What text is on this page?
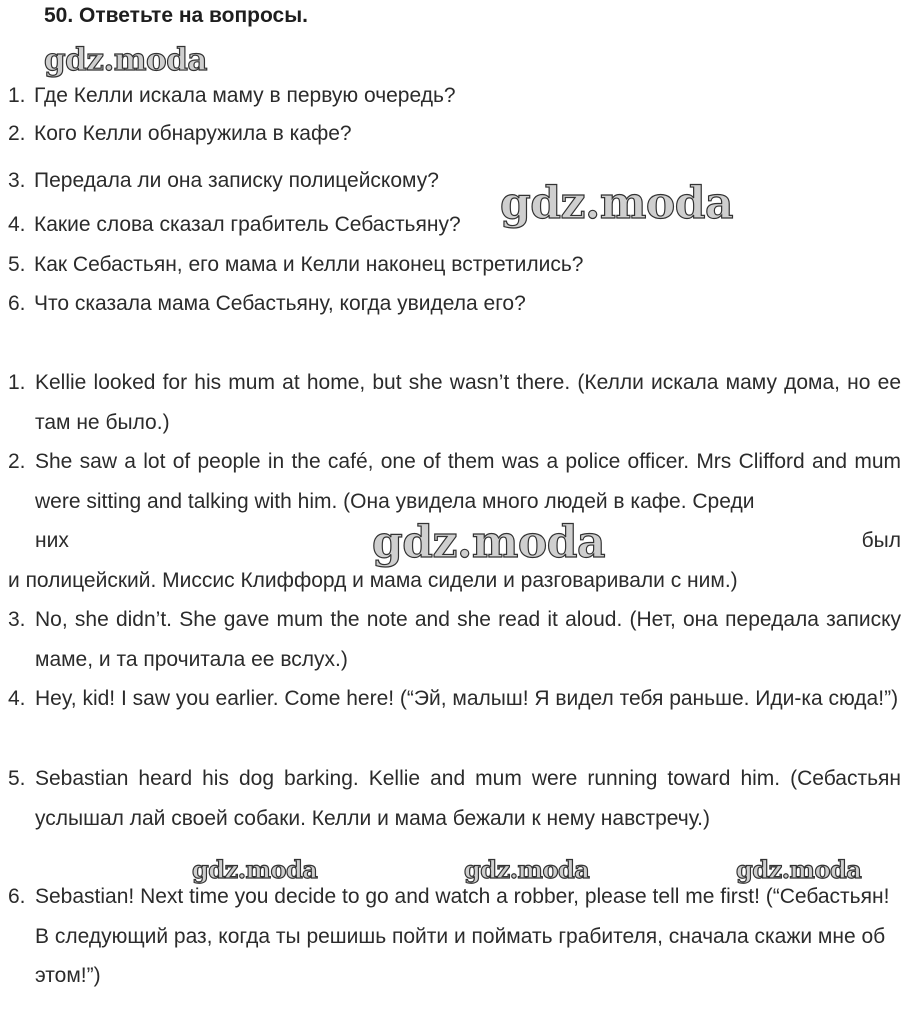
50. Ответьте на вопросы.
1. Где Келли искала маму в первую очередь?
2. Кого Келли обнаружила в кафе?
3. Передала ли она записку полицейскому?
4. Какие слова сказал грабитель Себастьяну?
5. Как Себастьян, его мама и Келли наконец встретились?
6. Что сказала мама Себастьяну, когда увидела его?
1. Kellie looked for his mum at home, but she wasn’t there. (Келли искала маму дома, но ее там не было.)
2. She saw a lot of people in the café, one of them was a police officer. Mrs Clifford and mum were sitting and talking with him. (Она увидела много людей в кафе. Среди
них	был
и полицейский. Миссис Клиффорд и мама сидели и разговаривали с ним.)
3. No, she didn’t. She gave mum the note and she read it aloud. (Нет, она передала записку маме, и та прочитала ее вслух.)
4. Hey, kid! I saw you earlier. Come here! (“Эй, малыш! Я видел тебя раньше. Иди-ка сюда!”)
5. Sebastian heard his dog barking. Kellie and mum were running toward him. (Себастьян услышал лай своей собаки. Келли и мама бежали к нему навстречу.)
6. Sebastian! Next time you decide to go and watch a robber, please tell me first! (“Себастьян! В следующий раз, когда ты решишь пойти и поймать грабителя, сначала скажи мне об этом!”)
gdz.moda
gdz.moda
gdz.moda
gdz.moda	gdz.moda	gdz.moda
